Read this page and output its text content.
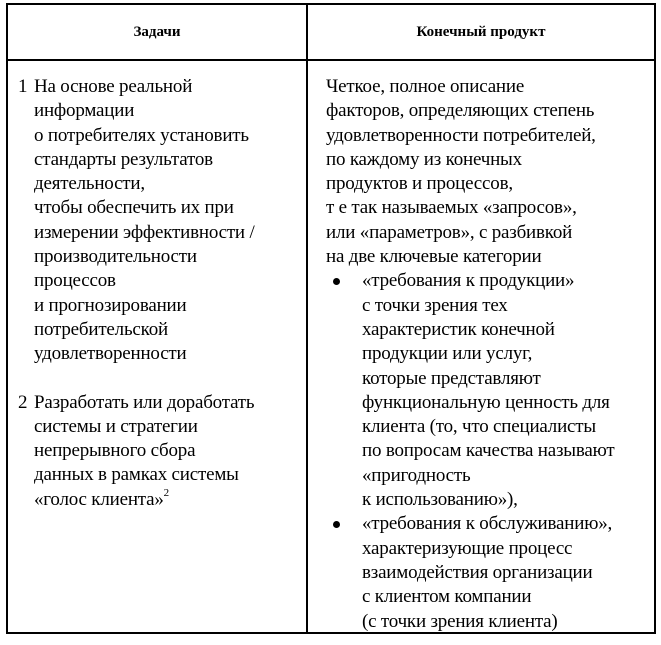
Задачи	Конечный продукт
1 На основе реальной
информации
о потребителях установить
стандарты результатов
деятельности,
чтобы обеспечить их при
измерении эффективности /
производительности
процессов
и прогнозировании
потребительской
удовлетворенности
2 Разработать или доработать
системы и стратегии
непрерывного сбора
данных в рамках системы
«голос клиента»$^2$
Четкое, полное описание
факторов, определяющих степень
удовлетворенности потребителей,
по каждому из конечных
продуктов и процессов,
т е так называемых «запросов»,
или «параметров», с разбивкой
на две ключевые категории
«требования к продукции»
с точки зрения тех
характеристик конечной
продукции или услуг,
которые представляют
функциональную ценность для
клиента (то, что специалисты
по вопросам качества называют
«пригодность
к использованию»),
«требования к обслуживанию»,
характеризующие процесс
взаимодействия организации
с клиентом компании
(с точки зрения клиента)
